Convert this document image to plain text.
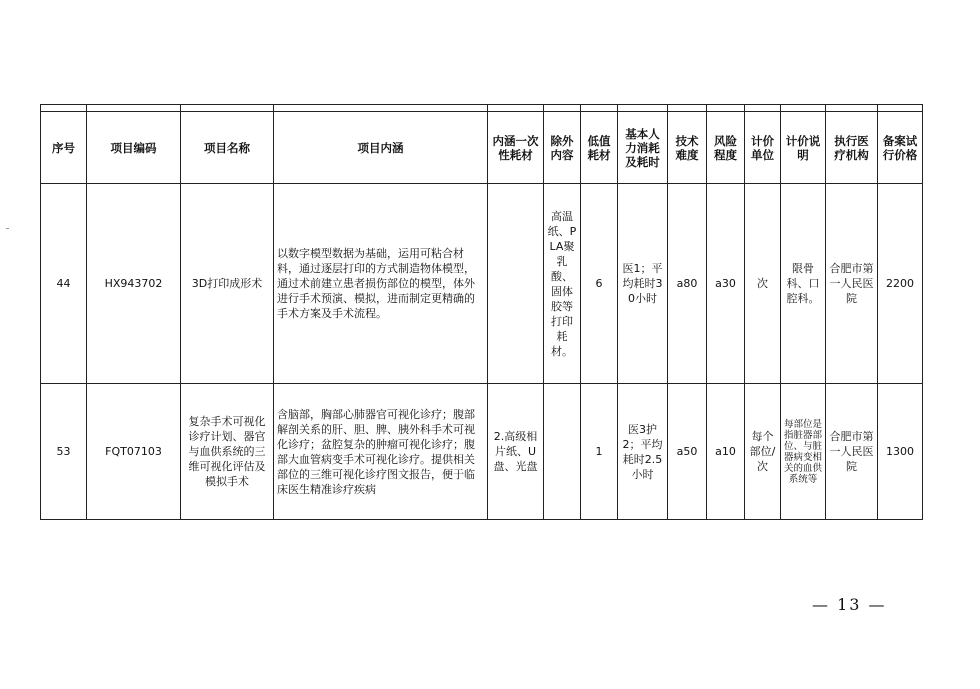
序号	项目编码	项目名称	项目内涵	内涵一次性耗材	除外内容	低值耗材	基本人力消耗及耗时	技术难度	风险程度	计价单位	计价说明	执行医疗机构	备案试行价格
44	HX943702	3D打印成形术	以数字模型数据为基础，运用可粘合材料，通过逐层打印的方式制造物体模型，通过术前建立患者损伤部位的模型，体外进行手术预演、模拟，进而制定更精确的手术方案及手术流程。		高温纸、PLA聚乳酸、固体胶等打印耗材。	6	医1；平均耗时30小时	a80	a30	次	限骨科、口腔科。	合肥市第一人民医院	2200
53	FQT07103	复杂手术可视化诊疗计划、器官与血供系统的三维可视化评估及模拟手术	含脑部，胸部心肺器官可视化诊疗；腹部解剖关系的肝、胆、脾、胰外科手术可视化诊疗；盆腔复杂的肿瘤可视化诊疗；腹部大血管病变手术可视化诊疗。提供相关部位的三维可视化诊疗图文报告，便于临床医生精准诊疗疾病	2.高级相片纸、U盘、光盘		1	医3护2；平均耗时2.5小时	a50	a10	每个部位/次	每部位是指脏器部位、与脏器病变相关的血供系统等	合肥市第一人民医院	1300
— 13 —
